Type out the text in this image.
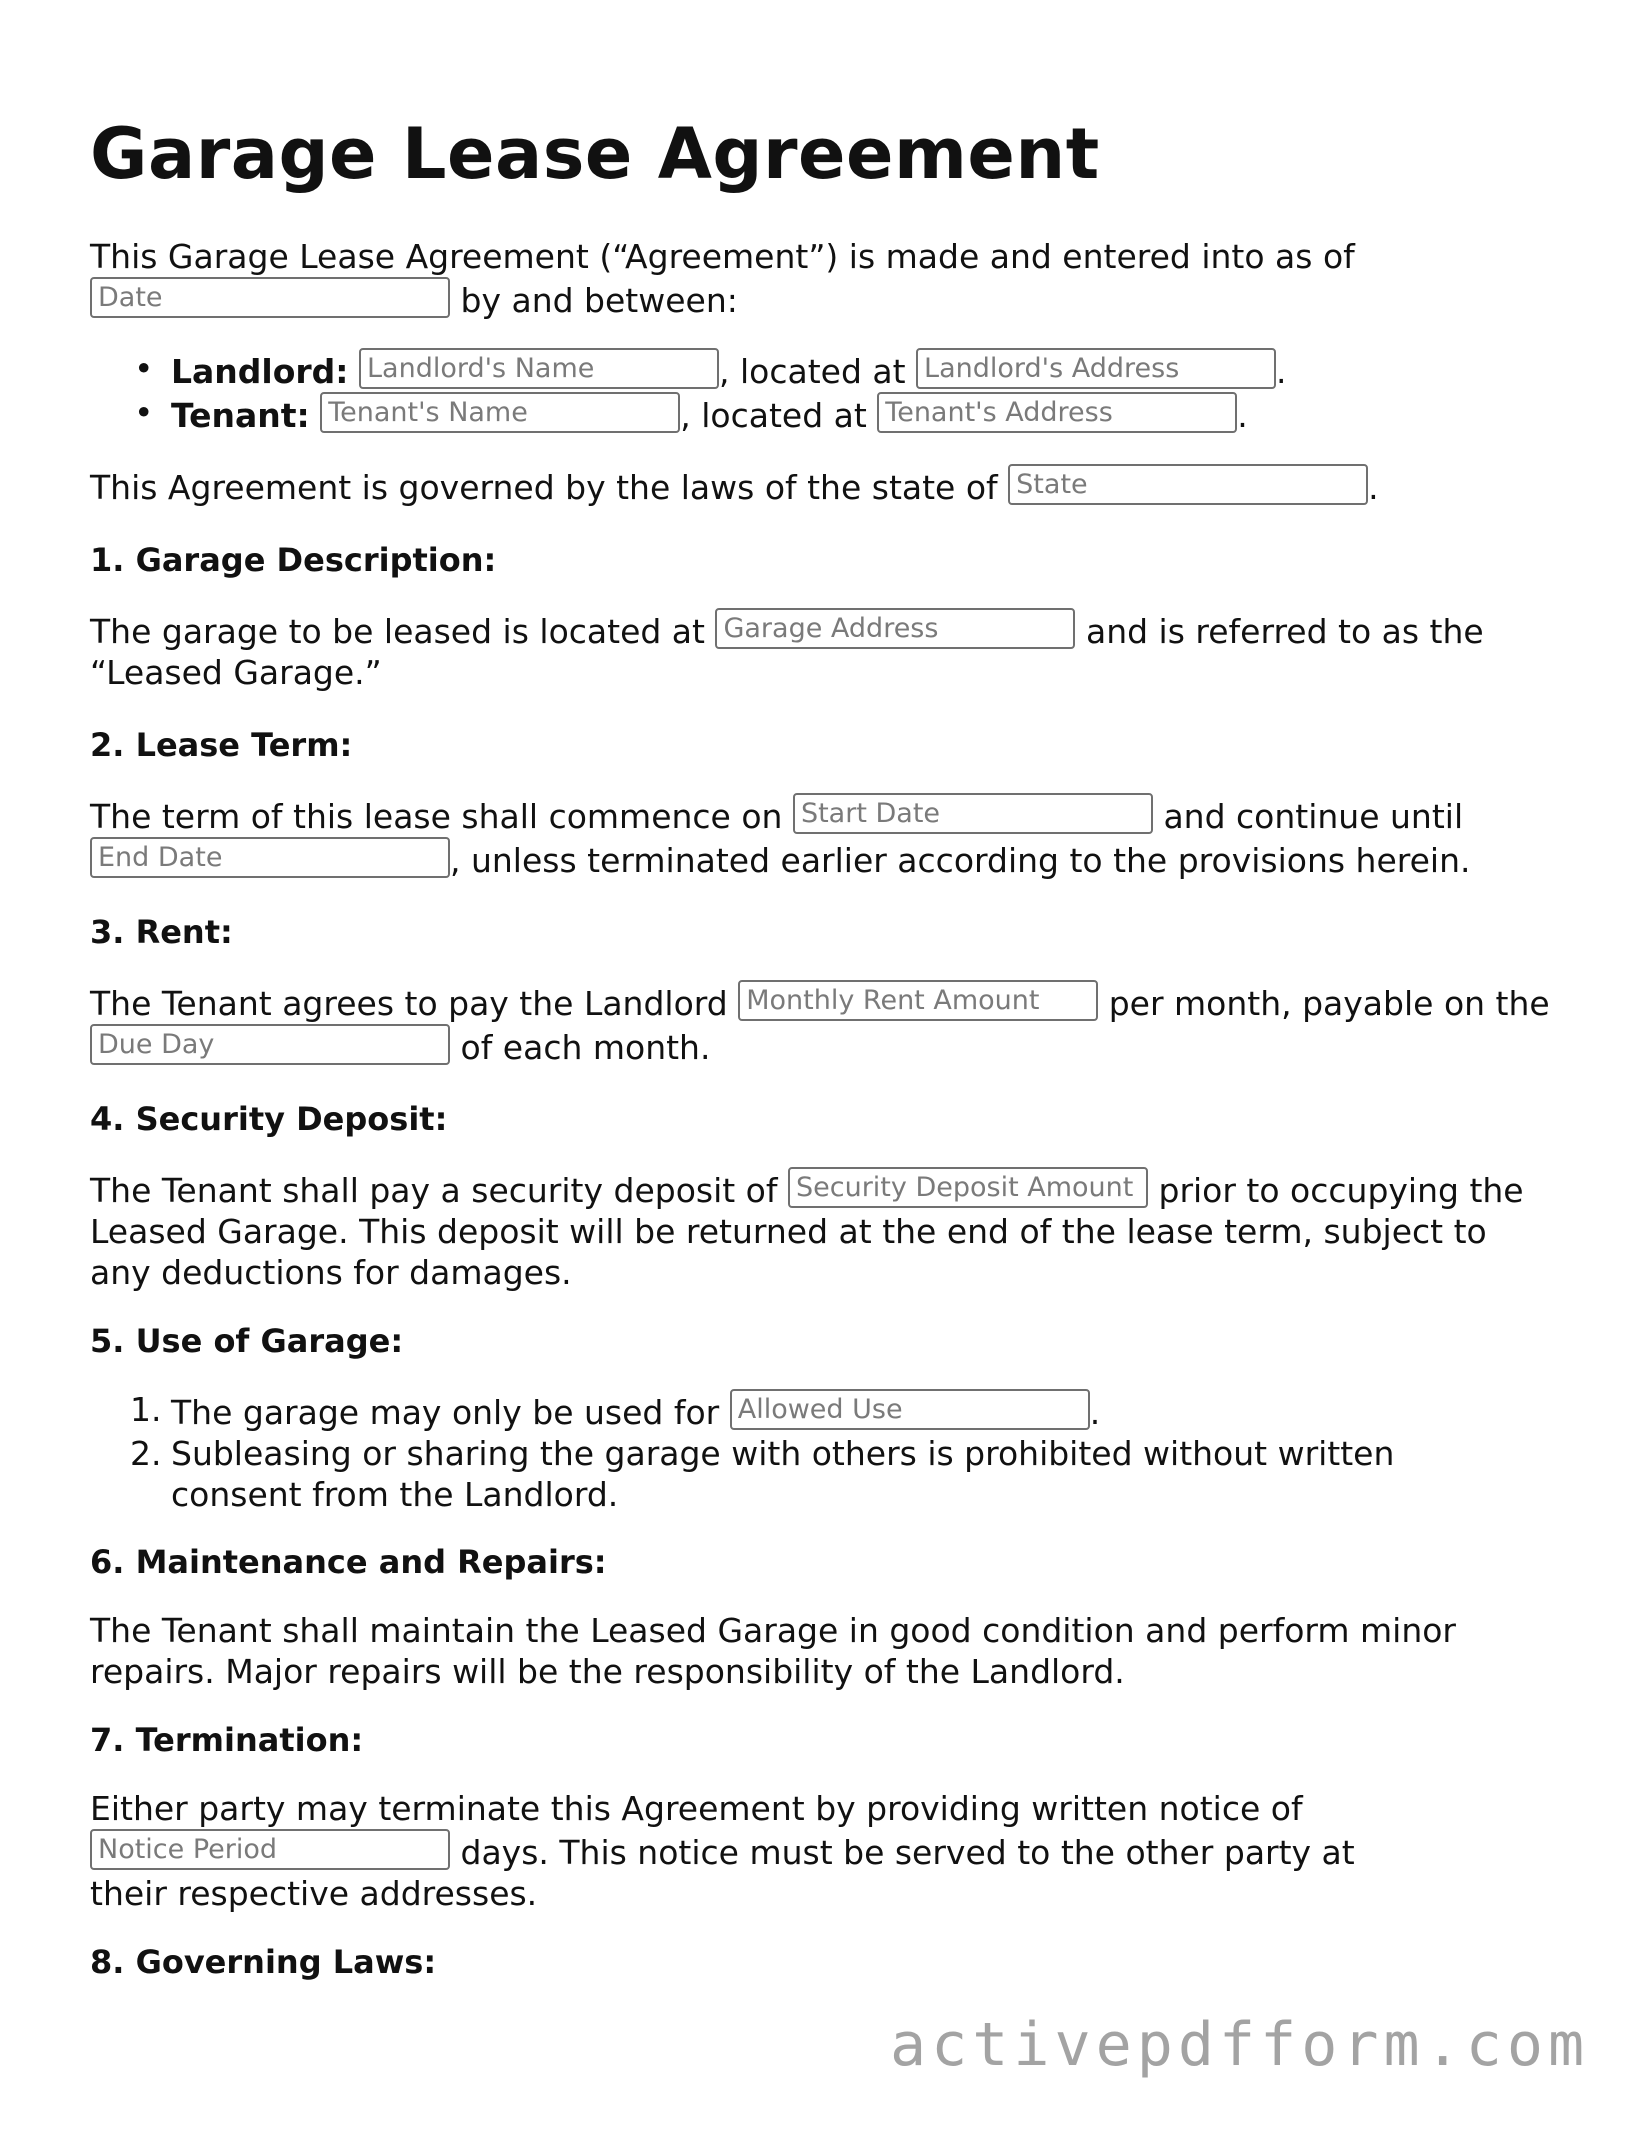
Garage Lease Agreement

This Garage Lease Agreement (“Agreement”) is made and entered into as of
Date	by and between:

• Landlord: Landlord's Name	, located at Landlord's Address	.
• Tenant: Tenant's Name	, located at Tenant's Address	.

This Agreement is governed by the laws of the state of State	.

1. Garage Description:

The garage to be leased is located at Garage Address	and is referred to as the “Leased Garage.”

2. Lease Term:

The term of this lease shall commence on Start Date	and continue until
End Date	, unless terminated earlier according to the provisions herein.

3. Rent:

The Tenant agrees to pay the Landlord Monthly Rent Amount per month, payable on the
Due Day	of each month.

4. Security Deposit:

The Tenant shall pay a security deposit of Security Deposit Amount prior to occupying the Leased Garage. This deposit will be returned at the end of the lease term, subject to any deductions for damages.

5. Use of Garage:
1. The garage may only be used for Allowed Use	.
2. Subleasing or sharing the garage with others is prohibited without written consent from the Landlord.
6. Maintenance and Repairs:

The Tenant shall maintain the Leased Garage in good condition and perform minor repairs. Major repairs will be the responsibility of the Landlord.

7. Termination:

Either party may terminate this Agreement by providing written notice of
Notice Period	days. This notice must be served to the other party at their respective addresses.

8. Governing Laws:

activepdfform.com
